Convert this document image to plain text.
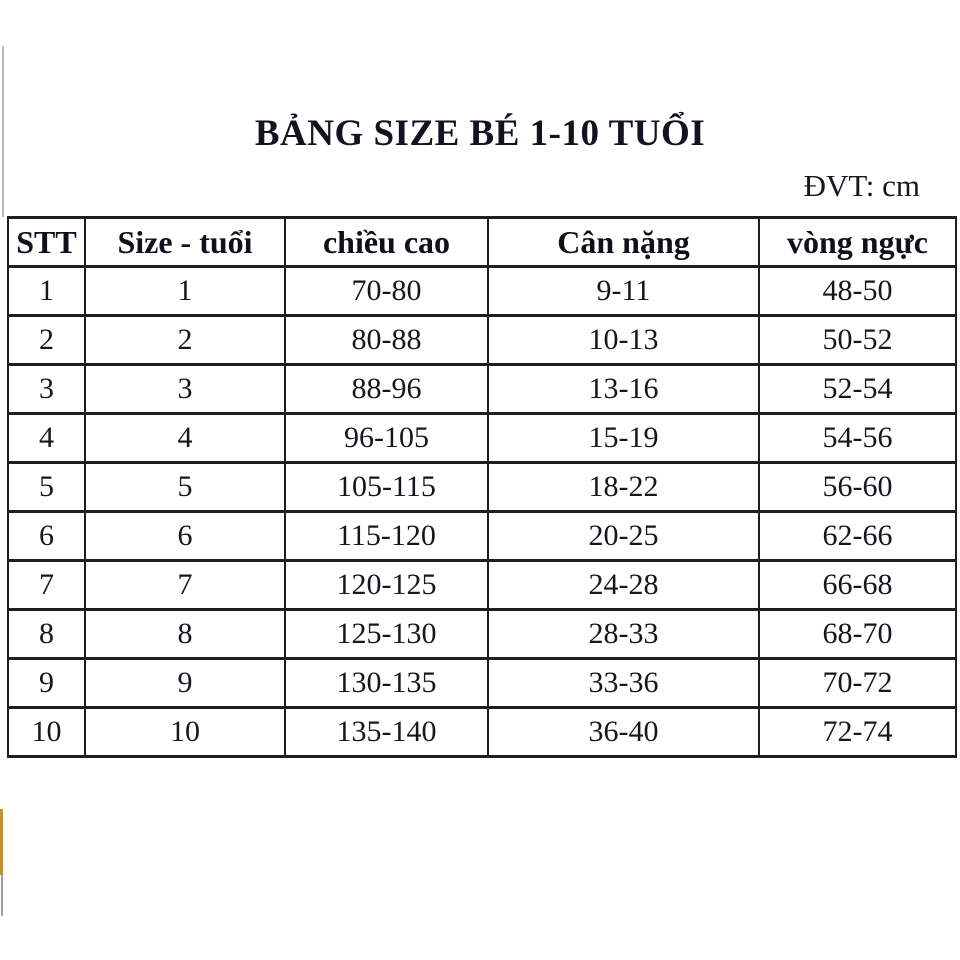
BẢNG SIZE BÉ 1-10 TUỔI
ĐVT: cm
STT	Size - tuổi	chiều cao	Cân nặng	vòng ngực
1	1	70-80	9-11	48-50
2	2	80-88	10-13	50-52
3	3	88-96	13-16	52-54
4	4	96-105	15-19	54-56
5	5	105-115	18-22	56-60
6	6	115-120	20-25	62-66
7	7	120-125	24-28	66-68
8	8	125-130	28-33	68-70
9	9	130-135	33-36	70-72
10	10	135-140	36-40	72-74
